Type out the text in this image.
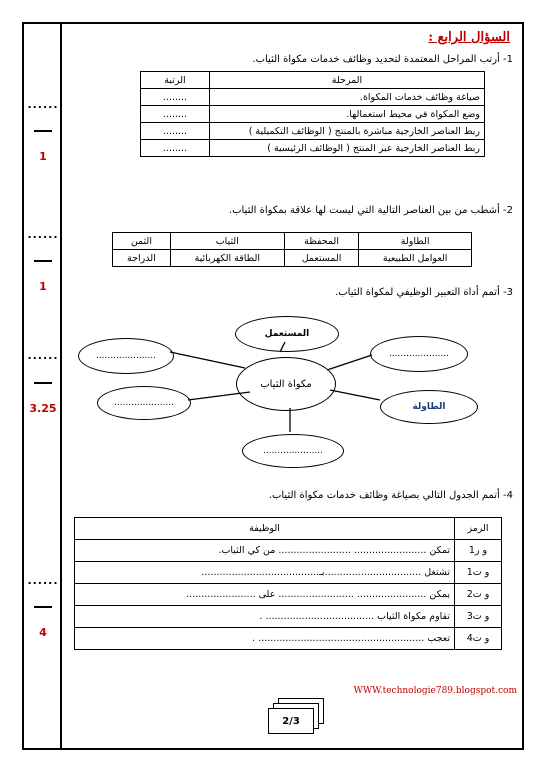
......
1
......
1
......
3.25
......
4
السؤال الرابع :
1- أرتب المراحل المعتمدة لتحديد وظائف خدمات مكواة الثياب.
المرحلة	الرتبة
صياغة وظائف خدمات المكواة.	........
وضع المكواة في محيط استعمالها.	........
ربط العناصر الخارجية مباشرة بالمنتج ( الوظائف التكميلية )	........
ربط العناصر الخارجية عبر المنتج ( الوظائف الرئيسية )	........
2- أشطب من بين العناصر التالية التي ليست لها علاقة بمكواة الثياب.
الطاولة	المحفظة	الثياب	الثمن
العوامل الطبيعية	المستعمل	الطاقة الكهربائية	الدراجة
3- أتمم أداة التعبير الوظيفي لمكواة الثياب.
.....................
المستعمل
.....................
مكواة الثياب
.....................	الطاولة
.....................
4- أتمم الجدول التالي بصياغة وظائف خدمات مكواة الثياب.
الرمز	الوظيفة
و ر1	تمكن ........................ ........................ من كي الثياب.
و ت1	تشتغل ................................بـ.......................................
و ت2	يمكن ....................... ......................... على .......................
و ت3	تقاوم مكواة الثياب .................................... .
و ت4	تعجب ....................................................... .
WWW.technologie789.blogspot.com
2/3
